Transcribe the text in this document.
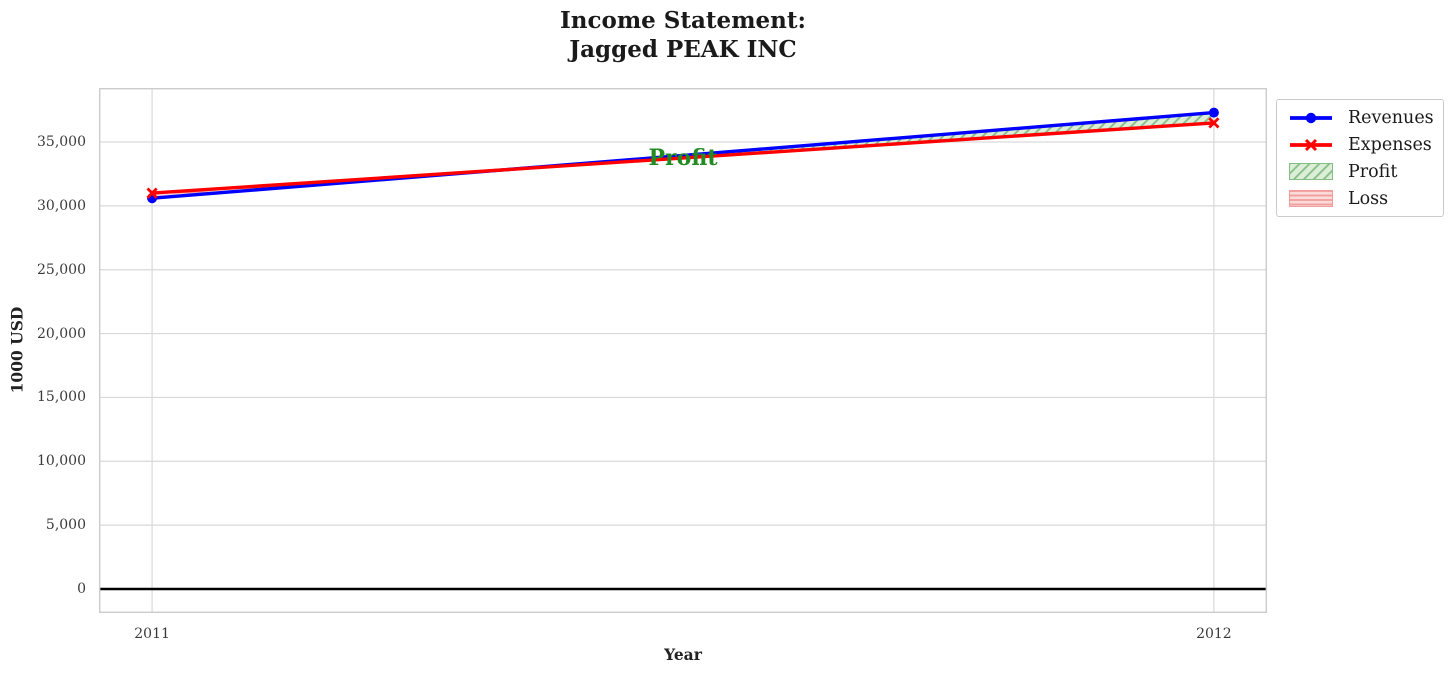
Income Statement:
Jagged PEAK INC
1000 USD
Profit
0
5,000
10,000
15,000
20,000
25,000
30,000
35,000
2011	2012
Year
Revenues
Expenses
Profit
Loss
